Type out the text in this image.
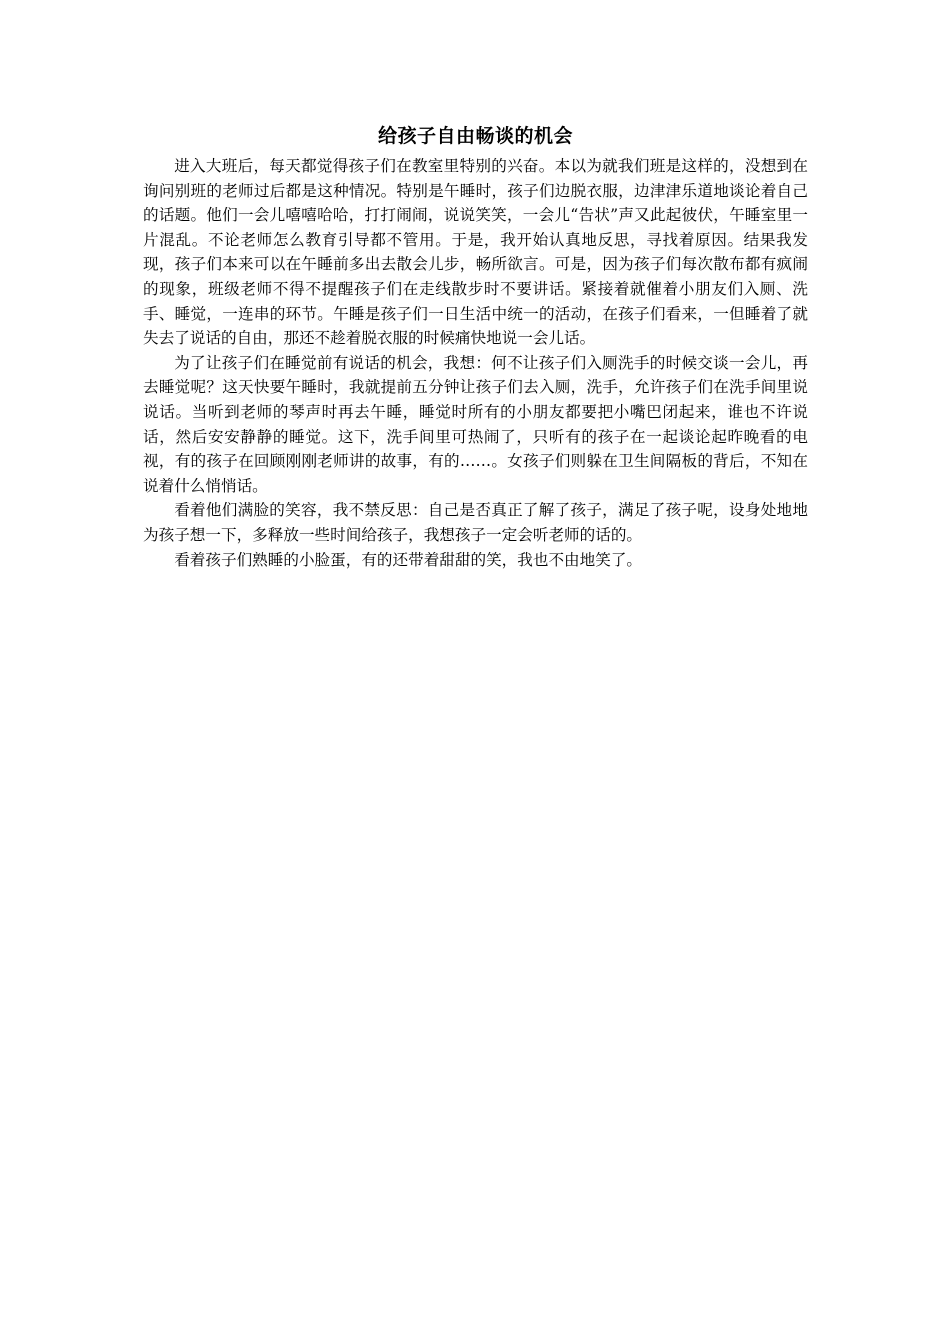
给孩子自由畅谈的机会

进入大班后，每天都觉得孩子们在教室里特别的兴奋。本以为就我们班是这样的，没想到在询问别班的老师过后都是这种情况。特别是午睡时，孩子们边脱衣服，边津津乐道地谈论着自己的话题。他们一会儿嘻嘻哈哈，打打闹闹，说说笑笑，一会儿“告状”声又此起彼伏，午睡室里一片混乱。不论老师怎么教育引导都不管用。于是，我开始认真地反思，寻找着原因。结果我发现，孩子们本来可以在午睡前多出去散会儿步，畅所欲言。可是，因为孩子们每次散布都有疯闹的现象，班级老师不得不提醒孩子们在走线散步时不要讲话。紧接着就催着小朋友们入厕、洗手、睡觉，一连串的环节。午睡是孩子们一日生活中统一的活动，在孩子们看来，一但睡着了就失去了说话的自由，那还不趁着脱衣服的时候痛快地说一会儿话。

为了让孩子们在睡觉前有说话的机会，我想：何不让孩子们入厕洗手的时候交谈一会儿，再去睡觉呢？这天快要午睡时，我就提前五分钟让孩子们去入厕，洗手，允许孩子们在洗手间里说说话。当听到老师的琴声时再去午睡，睡觉时所有的小朋友都要把小嘴巴闭起来，谁也不许说话，然后安安静静的睡觉。这下，洗手间里可热闹了，只听有的孩子在一起谈论起昨晚看的电视，有的孩子在回顾刚刚老师讲的故事，有的……。女孩子们则躲在卫生间隔板的背后，不知在说着什么悄悄话。

看着他们满脸的笑容，我不禁反思：自己是否真正了解了孩子，满足了孩子呢，设身处地地为孩子想一下，多释放一些时间给孩子，我想孩子一定会听老师的话的。

看着孩子们熟睡的小脸蛋，有的还带着甜甜的笑，我也不由地笑了。
